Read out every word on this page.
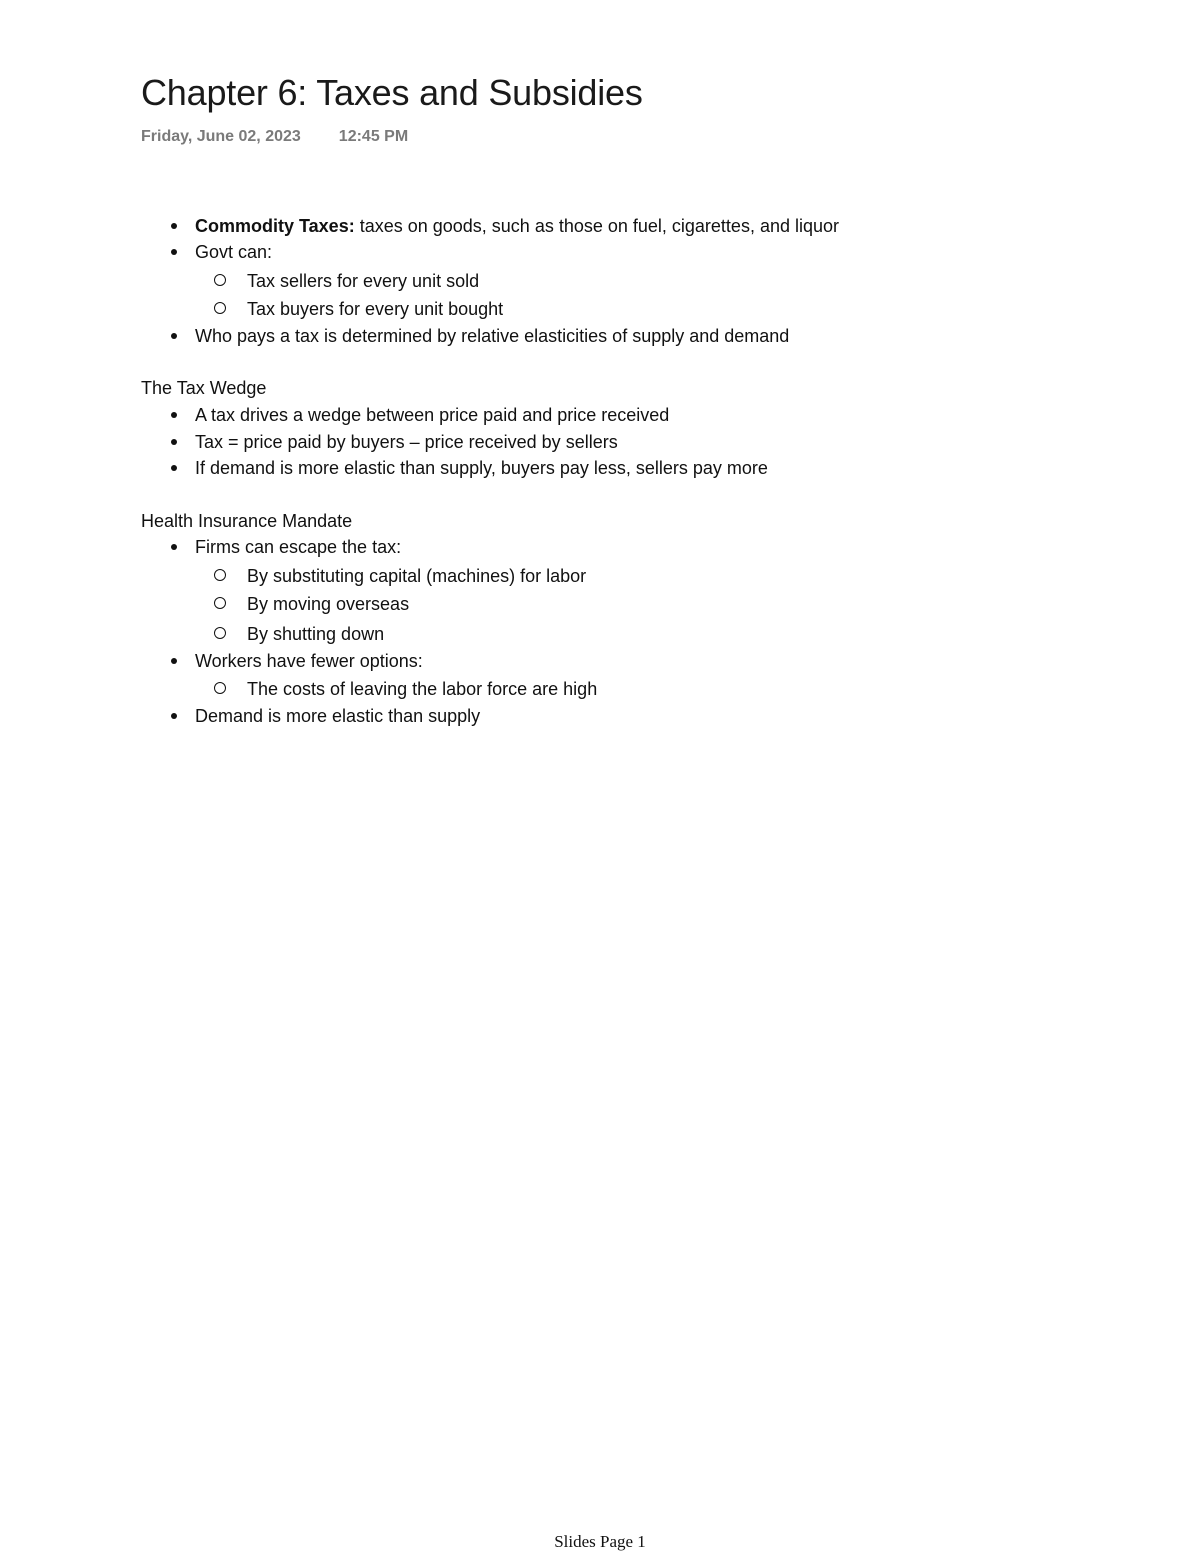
Chapter 6: Taxes and Subsidies
Friday, June 02, 2023 12:45 PM
Commodity Taxes: taxes on goods, such as those on fuel, cigarettes, and liquor
Govt can:
Tax sellers for every unit sold
Tax buyers for every unit bought
Who pays a tax is determined by relative elasticities of supply and demand
The Tax Wedge
A tax drives a wedge between price paid and price received
Tax = price paid by buyers – price received by sellers
If demand is more elastic than supply, buyers pay less, sellers pay more
Health Insurance Mandate
Firms can escape the tax:
By substituting capital (machines) for labor
By moving overseas
By shutting down
Workers have fewer options:
The costs of leaving the labor force are high
Demand is more elastic than supply
Slides Page 1
